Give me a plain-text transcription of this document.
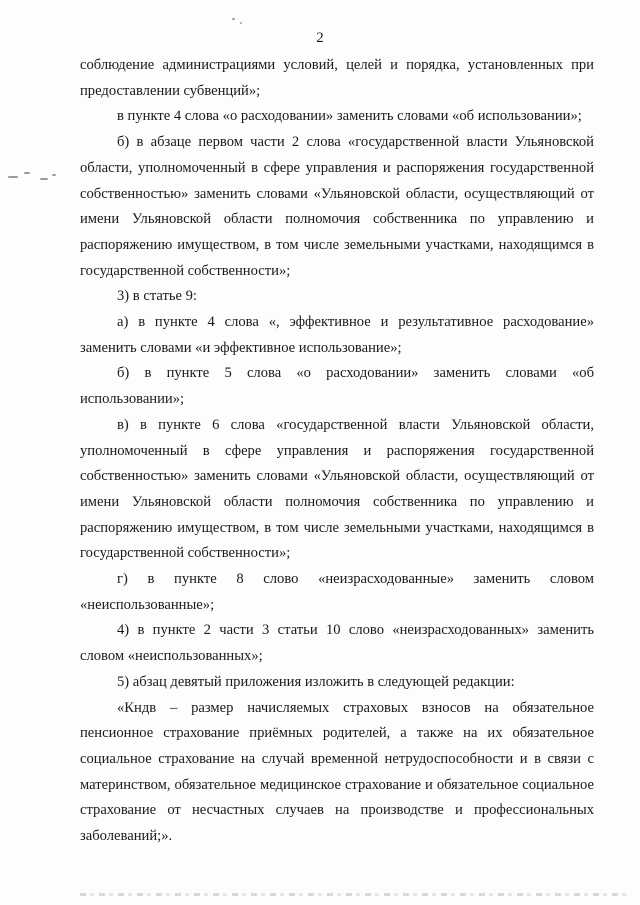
2

соблюдение администрациями условий, целей и порядка, установленных при предоставлении субвенций»;

в пункте 4 слова «о расходовании» заменить словами «об использовании»;

б) в абзаце первом части 2 слова «государственной власти Ульяновской области, уполномоченный в сфере управления и распоряжения государственной собственностью» заменить словами «Ульяновской области, осуществляющий от имени Ульяновской области полномочия собственника по управлению и распоряжению имуществом, в том числе земельными участками, находящимся в государственной собственности»;

3) в статье 9:

а) в пункте 4 слова «, эффективное и результативное расходование» заменить словами «и эффективное использование»;

б) в пункте 5 слова «о расходовании» заменить словами «об использовании»;

в) в пункте 6 слова «государственной власти Ульяновской области, уполномоченный в сфере управления и распоряжения государственной собственностью» заменить словами «Ульяновской области, осуществляющий от имени Ульяновской области полномочия собственника по управлению и распоряжению имуществом, в том числе земельными участками, находящимся в государственной собственности»;

г) в пункте 8 слово «неизрасходованные» заменить словом «неиспользованные»;

4) в пункте 2 части 3 статьи 10 слово «неизрасходованных» заменить словом «неиспользованных»;

5) абзац девятый приложения изложить в следующей редакции:

«Кндв – размер начисляемых страховых взносов на обязательное пенсионное страхование приёмных родителей, а также на их обязательное социальное страхование на случай временной нетрудоспособности и в связи с материнством, обязательное медицинское страхование и обязательное социальное страхование от несчастных случаев на производстве и профессиональных заболеваний;».
